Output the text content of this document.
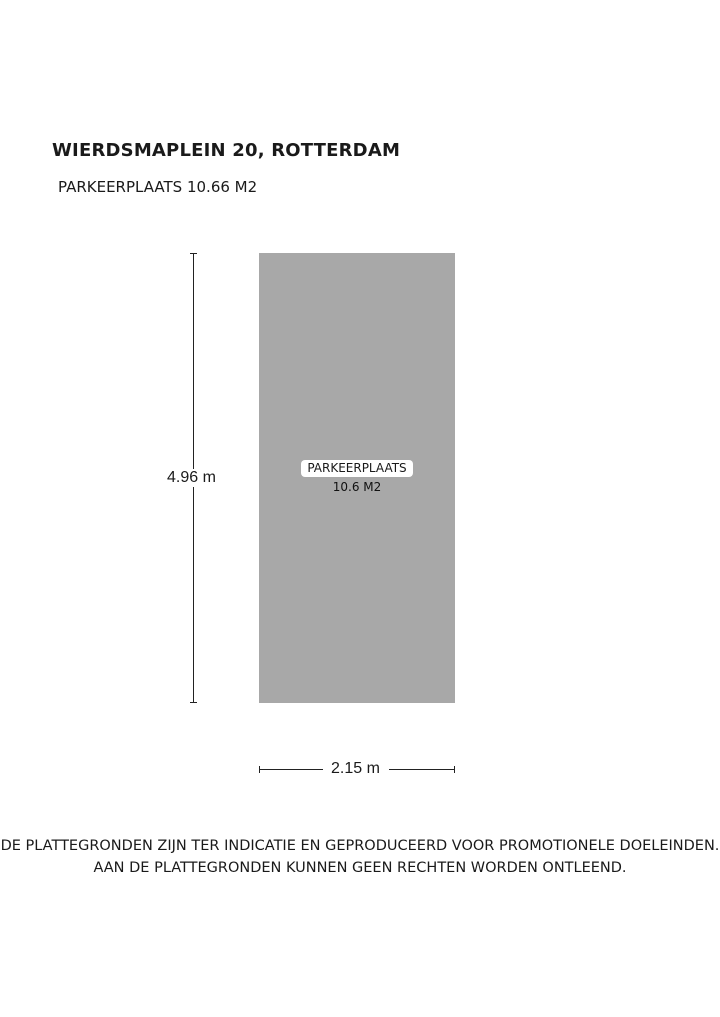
WIERDSMAPLEIN 20, ROTTERDAM
PARKEERPLAATS 10.66 M2
PARKEERPLAATS
10.6 M2
4.96 m
2.15 m
DE PLATTEGRONDEN ZIJN TER INDICATIE EN GEPRODUCEERD VOOR PROMOTIONELE DOELEINDEN.
AAN DE PLATTEGRONDEN KUNNEN GEEN RECHTEN WORDEN ONTLEEND.
